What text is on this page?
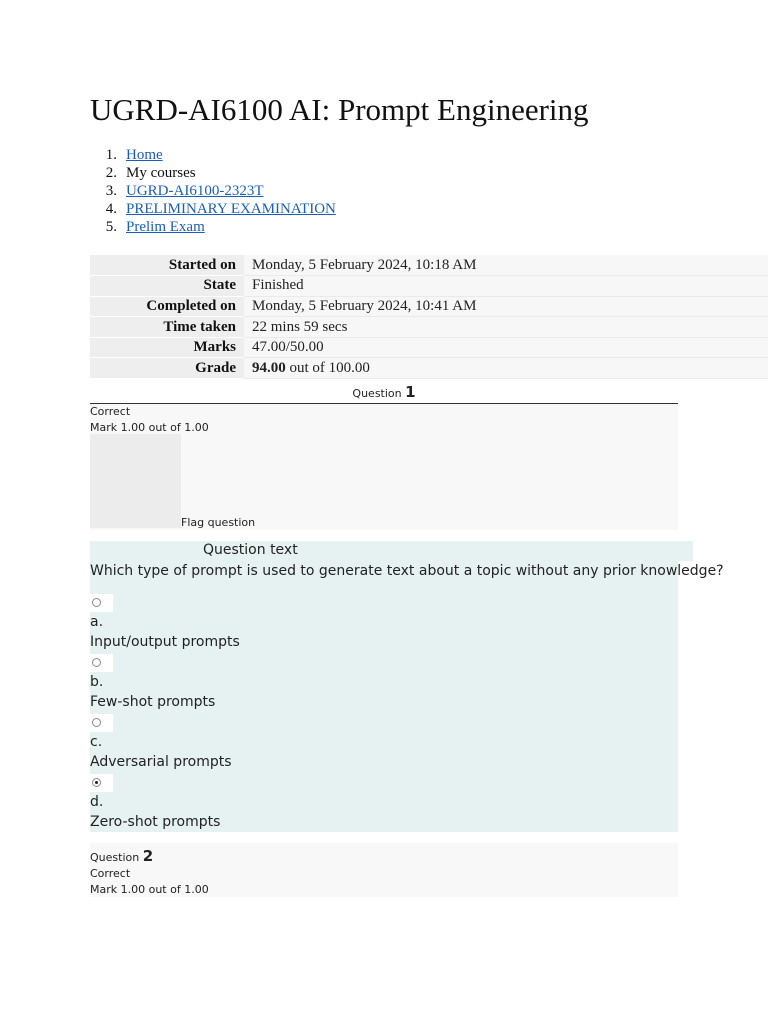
UGRD-AI6100 AI: Prompt Engineering
1. Home
2. My courses
3. UGRD-AI6100-2323T
4. PRELIMINARY EXAMINATION
5. Prelim Exam
Started on	Monday, 5 February 2024, 10:18 AM
State	Finished
Completed on	Monday, 5 February 2024, 10:41 AM
Time taken	22 mins 59 secs
Marks	47.00/50.00
Grade	94.00 out of 100.00
Question 1
Correct
Mark 1.00 out of 1.00
Flag question
Question text
Which type of prompt is used to generate text about a topic without any prior knowledge?
a.
Input/output prompts
b.
Few-shot prompts
c.
Adversarial prompts
d.
Zero-shot prompts
Question 2
Correct
Mark 1.00 out of 1.00
